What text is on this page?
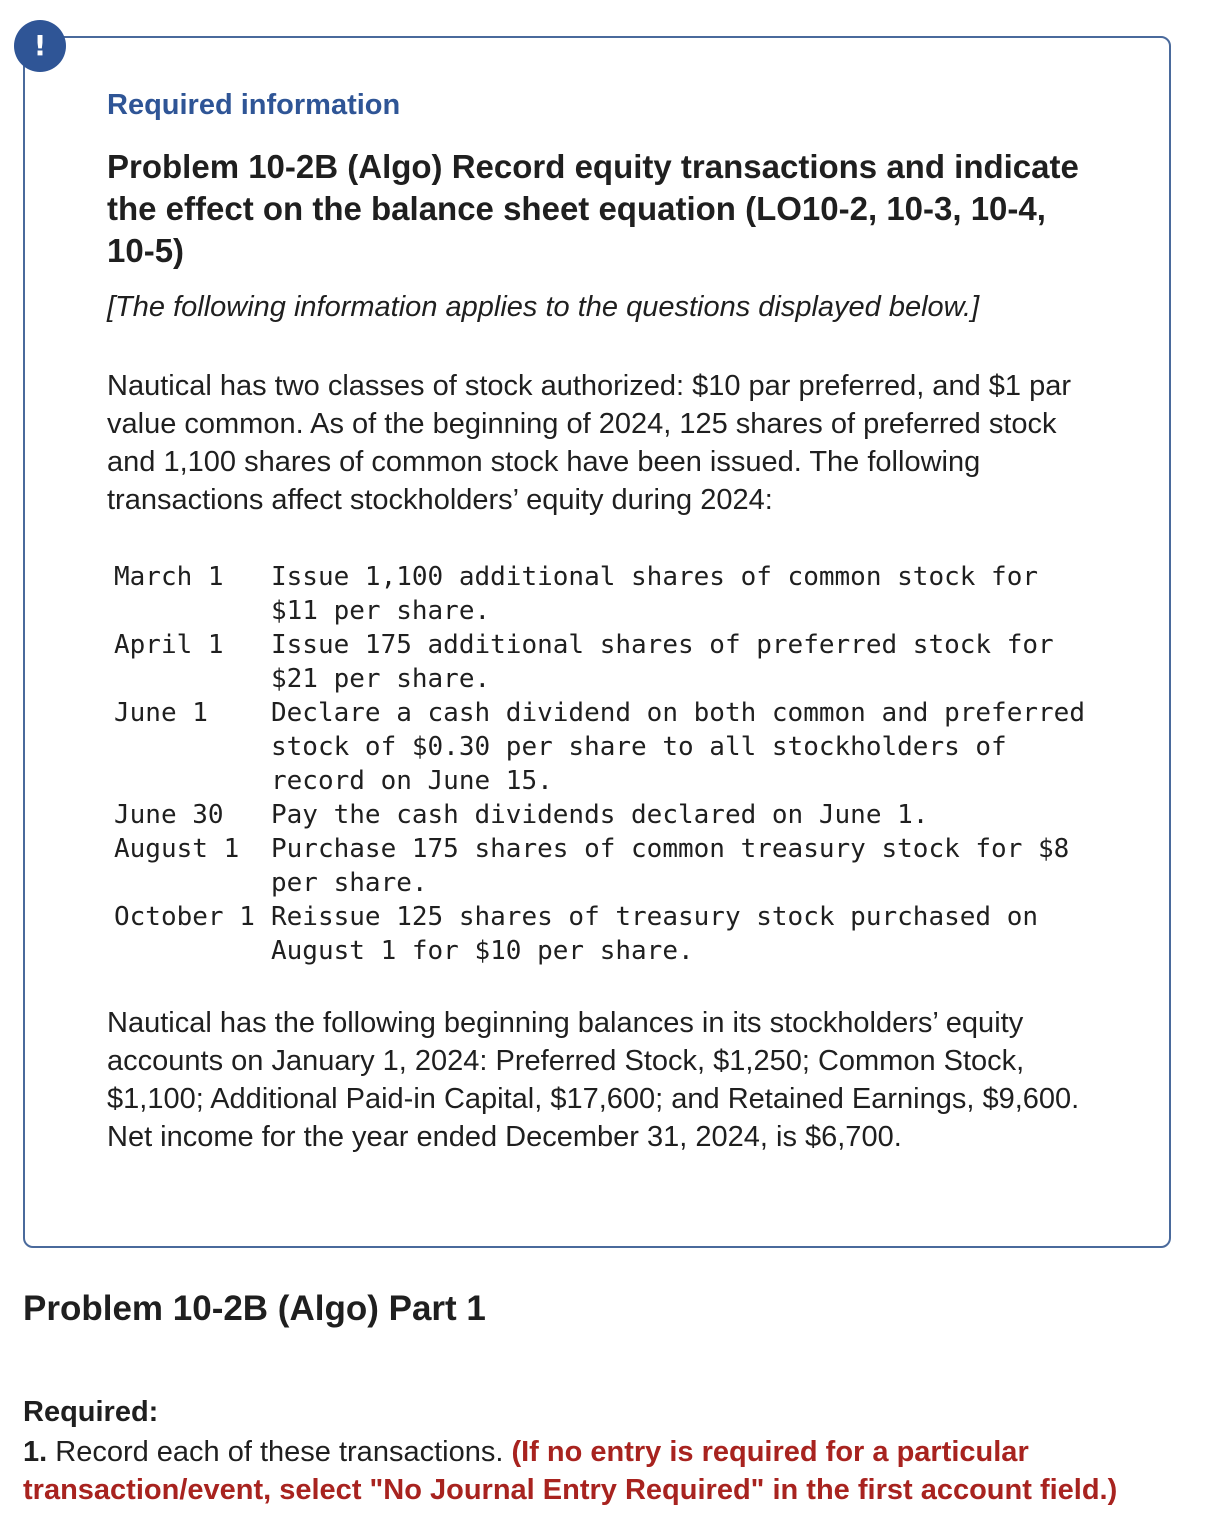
!
Required information
Problem 10-2B (Algo) Record equity transactions and indicate the effect on the balance sheet equation (LO10-2, 10-3, 10-4, 10-5)
[The following information applies to the questions displayed below.]
Nautical has two classes of stock authorized: $10 par preferred, and $1 par value common. As of the beginning of 2024, 125 shares of preferred stock and 1,100 shares of common stock have been issued. The following transactions affect stockholders’ equity during 2024:
March 1	Issue 1,100 additional shares of common stock for $11 per share.
April 1	Issue 175 additional shares of preferred stock for $21 per share.
June 1	Declare a cash dividend on both common and preferred stock of $0.30 per share to all stockholders of record on June 15.
June 30	Pay the cash dividends declared on June 1.
August 1	Purchase 175 shares of common treasury stock for $8 per share.
October 1 Reissue 125 shares of treasury stock purchased on August 1 for $10 per share.
Nautical has the following beginning balances in its stockholders’ equity accounts on January 1, 2024: Preferred Stock, $1,250; Common Stock, $1,100; Additional Paid-in Capital, $17,600; and Retained Earnings, $9,600. Net income for the year ended December 31, 2024, is $6,700.
Problem 10-2B (Algo) Part 1
Required:
1. Record each of these transactions. (If no entry is required for a particular transaction/event, select "No Journal Entry Required" in the first account field.)
